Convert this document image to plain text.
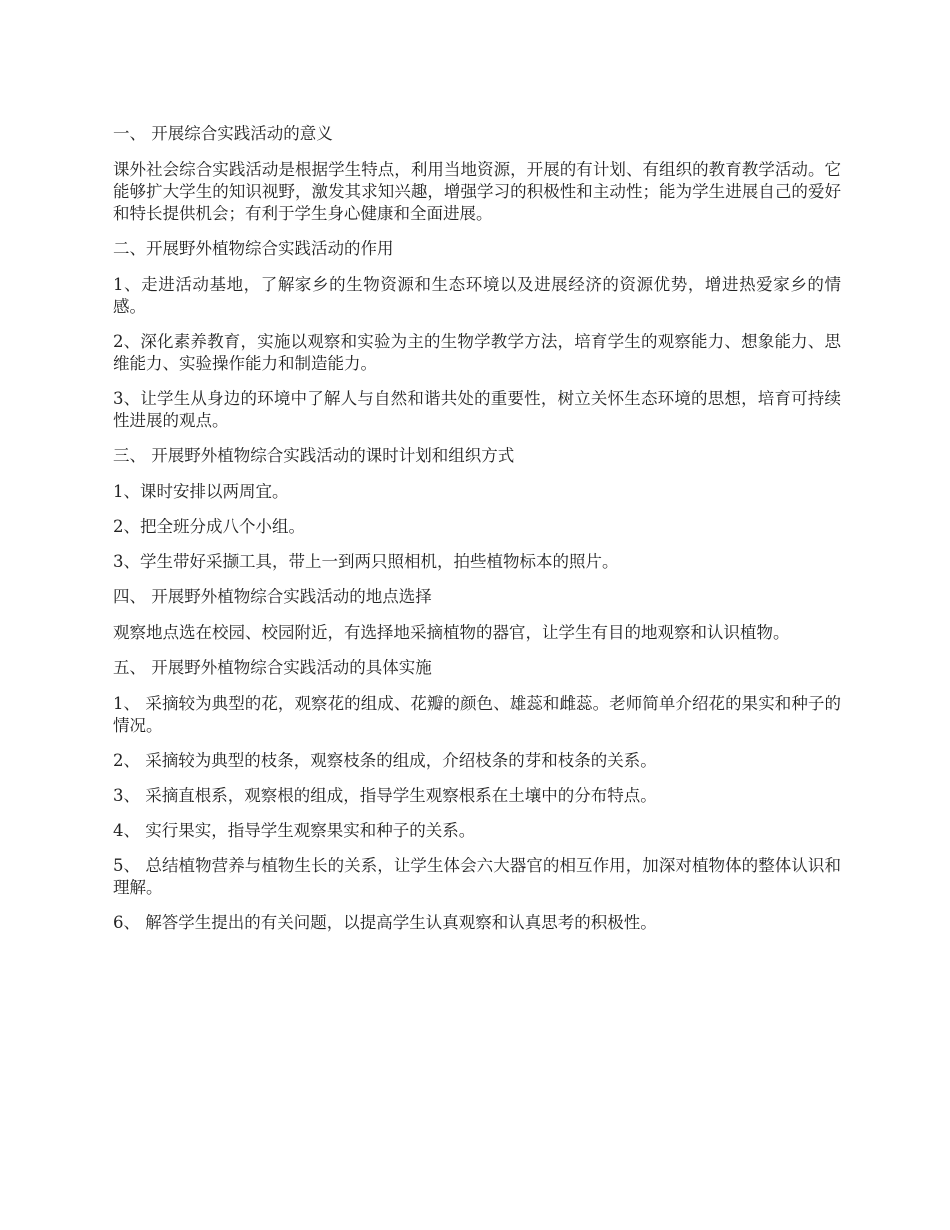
一、 开展综合实践活动的意义

课外社会综合实践活动是根据学生特点，利用当地资源，开展的有计划、有组织的教育教学活动。它能够扩大学生的知识视野，激发其求知兴趣，增强学习的积极性和主动性；能为学生进展自己的爱好和特长提供机会；有利于学生身心健康和全面进展。

二、开展野外植物综合实践活动的作用

1、走进活动基地，了解家乡的生物资源和生态环境以及进展经济的资源优势，增进热爱家乡的情感。

2、深化素养教育，实施以观察和实验为主的生物学教学方法，培育学生的观察能力、想象能力、思维能力、实验操作能力和制造能力。

3、让学生从身边的环境中了解人与自然和谐共处的重要性，树立关怀生态环境的思想，培育可持续性进展的观点。

三、 开展野外植物综合实践活动的课时计划和组织方式

1、课时安排以两周宜。

2、把全班分成八个小组。

3、学生带好采撷工具，带上一到两只照相机，拍些植物标本的照片。

四、 开展野外植物综合实践活动的地点选择

观察地点选在校园、校园附近，有选择地采摘植物的器官，让学生有目的地观察和认识植物。

五、 开展野外植物综合实践活动的具体实施

1、 采摘较为典型的花，观察花的组成、花瓣的颜色、雄蕊和雌蕊。老师简单介绍花的果实和种子的情况。

2、 采摘较为典型的枝条，观察枝条的组成，介绍枝条的芽和枝条的关系。

3、 采摘直根系，观察根的组成，指导学生观察根系在土壤中的分布特点。

4、 实行果实，指导学生观察果实和种子的关系。

5、 总结植物营养与植物生长的关系，让学生体会六大器官的相互作用，加深对植物体的整体认识和理解。

6、 解答学生提出的有关问题，以提高学生认真观察和认真思考的积极性。
